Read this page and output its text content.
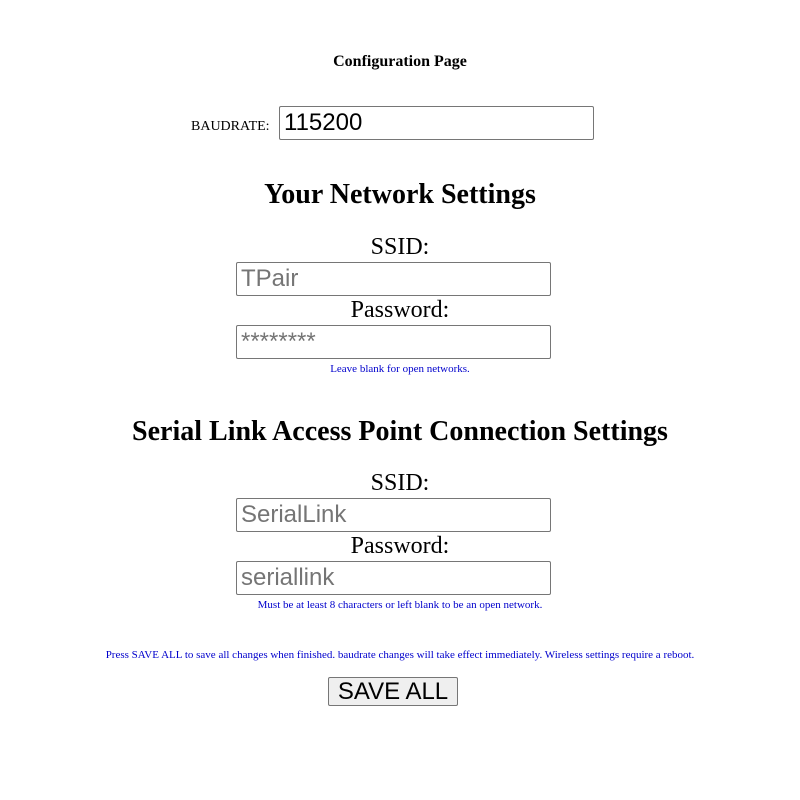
Configuration Page
BAUDRATE:
115200
Your Network Settings
SSID:
TPair
Password:
********
Leave blank for open networks.
Serial Link Access Point Connection Settings
SSID:
SerialLink
Password:
seriallink
Must be at least 8 characters or left blank to be an open network.
Press SAVE ALL to save all changes when finished. baudrate changes will take effect immediately. Wireless settings require a reboot.
SAVE ALL
